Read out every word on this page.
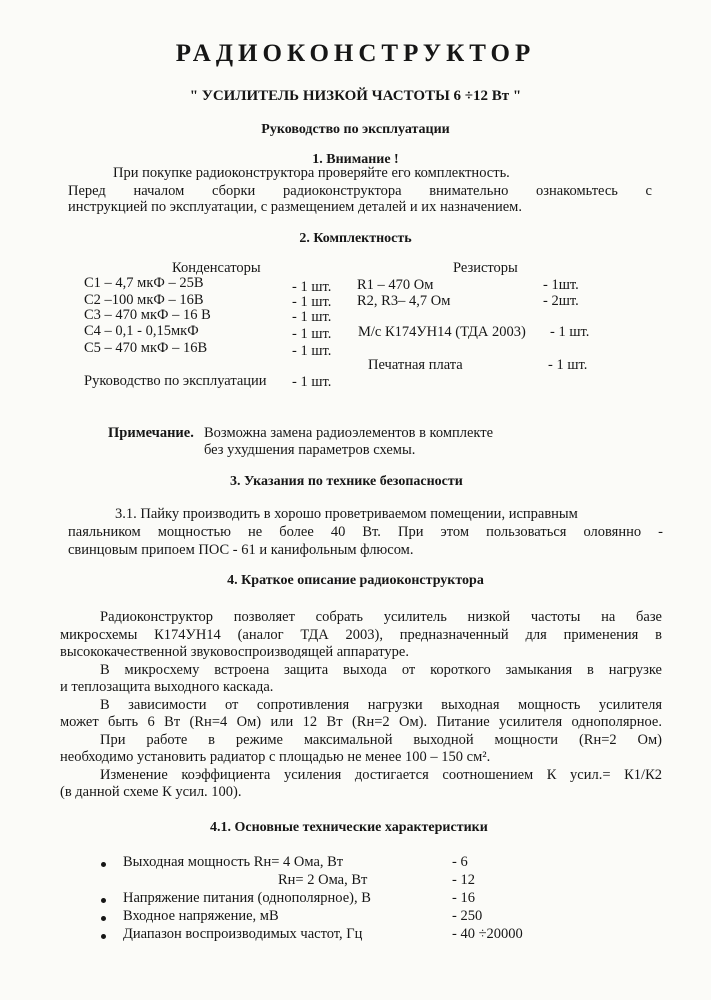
РАДИОКОНСТРУКТОР
" УСИЛИТЕЛЬ НИЗКОЙ ЧАСТОТЫ 6 ÷12 Вт "
Руководство по эксплуатации
1. Внимание !
При покупке радиоконструктора проверяйте его комплектность.
Перед началом сборки радиоконструктора внимательно ознакомьтесь с
инструкцией по эксплуатации, с размещением деталей и их назначением.
2. Комплектность
Конденсаторы	Резисторы
С1 – 4,7 мкФ – 25В	- 1 шт.
С2 –100 мкФ – 16В	- 1 шт.
С3 – 470 мкФ – 16 В	- 1 шт.
С4 – 0,1 - 0,15мкФ	- 1 шт.
С5 – 470 мкФ – 16В	- 1 шт.
R1 – 470 Ом	- 1шт.
R2, R3– 4,7 Ом	- 2шт.
М/с К174УН14 (ТДА 2003) - 1 шт.
Руководство по эксплуатации - 1 шт.
Печатная плата	- 1 шт.
Примечание. Возможна замена радиоэлементов в комплекте
без ухудшения параметров схемы.
3. Указания по технике безопасности
3.1. Пайку производить в хорошо проветриваемом помещении, исправным
паяльником мощностью не более 40 Вт. При этом пользоваться оловянно -
свинцовым припоем ПОС - 61 и канифольным флюсом.
4. Краткое описание радиоконструктора
Радиоконструктор позволяет собрать усилитель низкой частоты на базе
микросхемы К174УН14 (аналог ТДА 2003), предназначенный для применения в
высококачественной звуковоспроизводящей аппаратуре.
В микросхему встроена защита выхода от короткого замыкания в нагрузке
и теплозащита выходного каскада.
В зависимости от сопротивления нагрузки выходная мощность усилителя
может быть 6 Вт (Rн=4 Ом) или 12 Вт (Rн=2 Ом). Питание усилителя однополярное.
При работе в режиме максимальной выходной мощности (Rн=2 Ом)
необходимо установить радиатор с площадью не менее 100 – 150 см².
Изменение коэффициента усиления достигается соотношением К усил.= К1/К2
(в данной схеме К усил. 100).
4.1. Основные технические характеристики
Выходная мощность Rн= 4 Ома, Вт	- 6
Rн= 2 Ома, Вт	- 12
Напряжение питания (однополярное), В	- 16
Входное напряжение, мВ	- 250
Диапазон воспроизводимых частот, Гц	- 40 ÷20000
